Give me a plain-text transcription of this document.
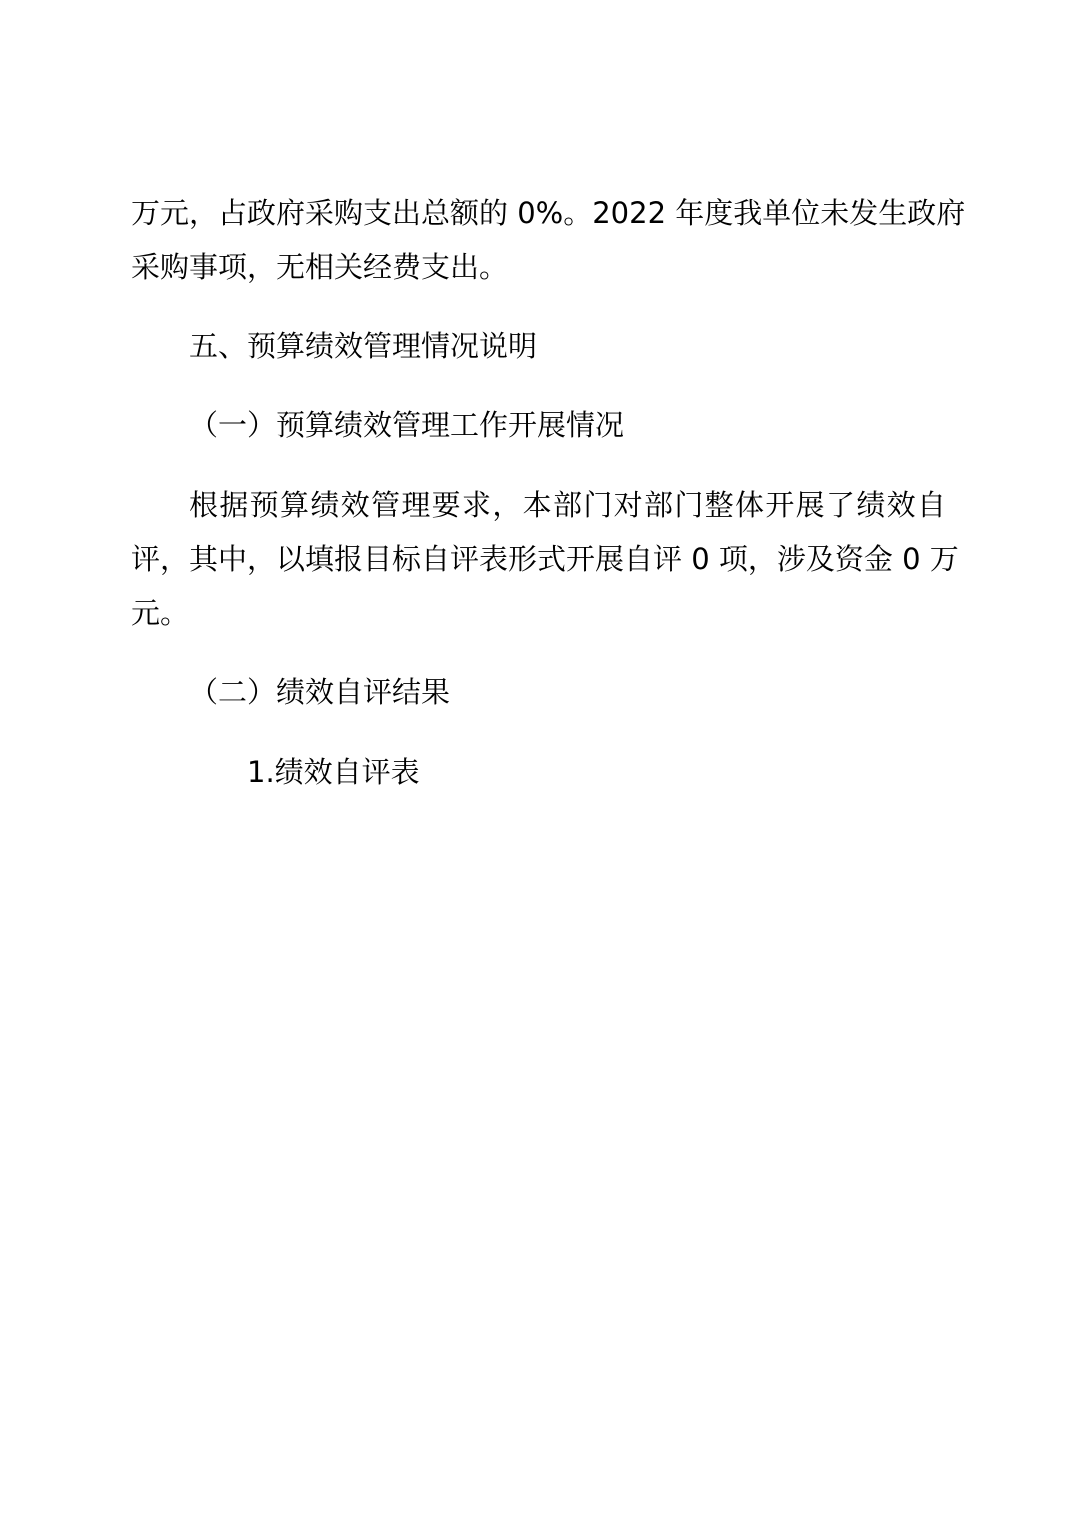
万元，占政府采购支出总额的 0%。2022 年度我单位未发生政府
采购事项，无相关经费支出。
五、预算绩效管理情况说明
（一）预算绩效管理工作开展情况
根据预算绩效管理要求，本部门对部门整体开展了绩效自
评，其中，以填报目标自评表形式开展自评 0 项，涉及资金 0 万
元。
（二）绩效自评结果
1.绩效自评表
